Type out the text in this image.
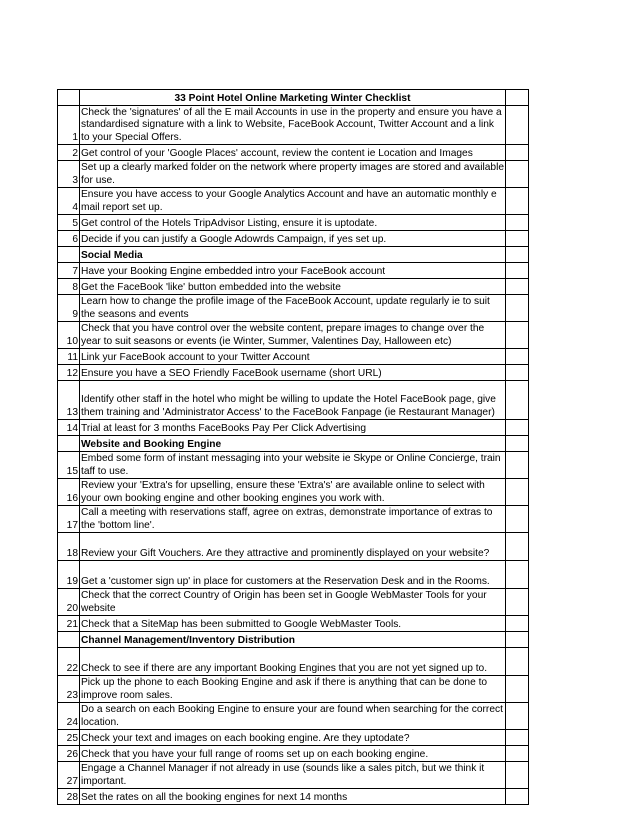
	33 Point Hotel Online Marketing Winter Checklist	
1	Check the 'signatures' of all the E mail Accounts in use in the property and ensure you have a standardised signature with a link to Website, FaceBook Account, Twitter Account and a link to your Special Offers.	
2	Get control of your 'Google Places' account, review the content ie Location and Images	
3	Set up a clearly marked folder on the network where property images are stored and available for use.	
4	Ensure you have access to your Google Analytics Account and have an automatic monthly e mail report set up.	
5	Get control of the Hotels TripAdvisor Listing, ensure it is uptodate.	
6	Decide if you can justify a Google Adowrds Campaign, if yes set up.	
	Social Media	
7	Have your Booking Engine embedded intro your FaceBook account	
8	Get the FaceBook 'like' button embedded into the website	
9	Learn how to change the profile image of the FaceBook Account, update regularly ie to suit the seasons and events	
10	Check that you have control over the website content, prepare images to change over the year to suit seasons or events (ie Winter, Summer, Valentines Day, Halloween etc)	
11	Link yur FaceBook account to your Twitter Account	
12	Ensure you have a SEO Friendly FaceBook username (short URL)	
13	Identify other staff in the hotel who might be willing to update the Hotel FaceBook page, give them training and 'Administrator Access' to the FaceBook Fanpage (ie Restaurant Manager)	
14	Trial at least for 3 months FaceBooks Pay Per Click Advertising	
	Website and Booking Engine	
15	Embed some form of instant messaging into your website ie Skype or Online Concierge, train taff to use.	
16	Review your 'Extra's for upselling, ensure these 'Extra's' are available online to select with your own booking engine and other booking engines you work with.	
17	Call a meeting with reservations staff, agree on extras, demonstrate importance of extras to the 'bottom line'.	
18	Review your Gift Vouchers. Are they attractive and prominently displayed on your website?	
19	Get a 'customer sign up' in place for customers at the Reservation Desk and in the Rooms.	
20	Check that the correct Country of Origin has been set in Google WebMaster Tools for your website	
21	Check that a SiteMap has been submitted to Google WebMaster Tools.	
	Channel Management/Inventory Distribution	
22	Check to see if there are any important Booking Engines that you are not yet signed up to.	
23	Pick up the phone to each Booking Engine and ask if there is anything that can be done to improve room sales.	
24	Do a search on each Booking Engine to ensure your are found when searching for the correct location.	
25	Check your text and images on each booking engine. Are they uptodate?	
26	Check that you have your full range of rooms set up on each booking engine.	
27	Engage a Channel Manager if not already in use (sounds like a sales pitch, but we think it important.	
28	Set the rates on all the booking engines for next 14 months	
